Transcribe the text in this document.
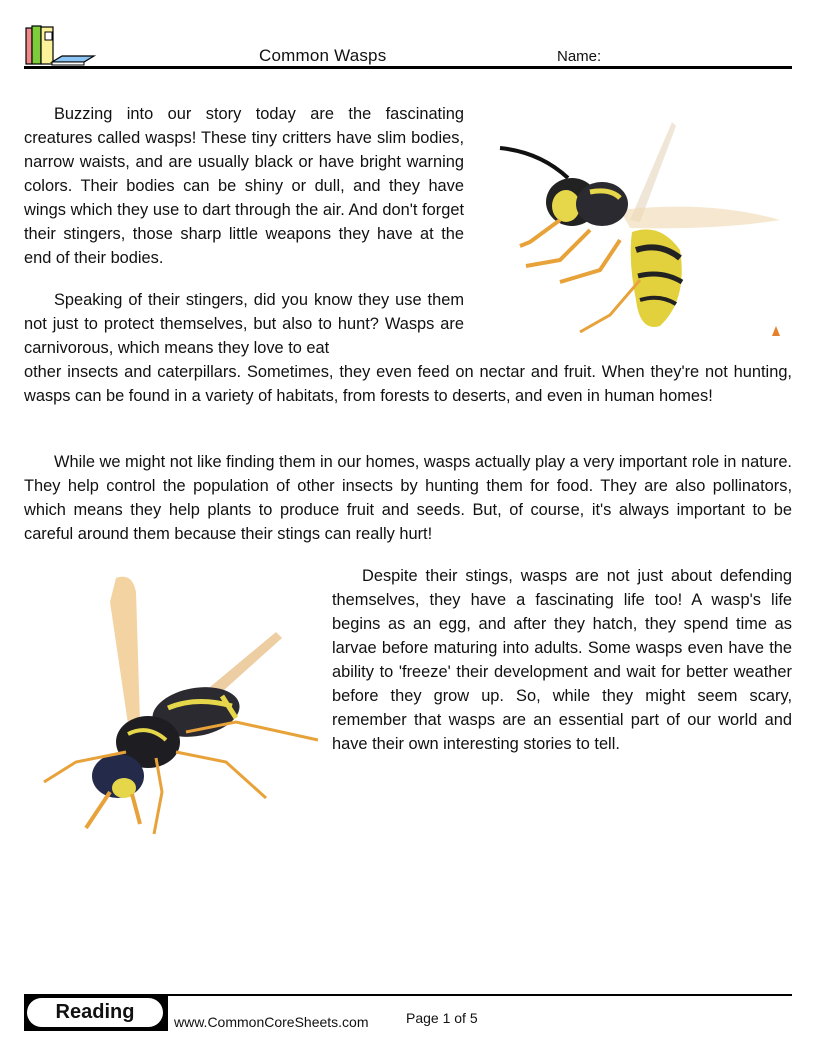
Common Wasps	Name:

Buzzing into our story today are the fascinating creatures called wasps! These tiny critters have slim bodies, narrow waists, and are usually black or have bright warning colors. Their bodies can be shiny or dull, and they have wings which they use to dart through the air. And don't forget their stingers, those sharp little weapons they have at the end of their bodies.

Speaking of their stingers, did you know they use them not just to protect themselves, but also to hunt? Wasps are carnivorous, which means they love to eat

other insects and caterpillars. Sometimes, they even feed on nectar and fruit. When they're not hunting, wasps can be found in a variety of habitats, from forests to deserts, and even in human homes!

While we might not like finding them in our homes, wasps actually play a very important role in nature. They help control the population of other insects by hunting them for food. They are also pollinators, which means they help plants to produce fruit and seeds. But, of course, it's always important to be careful around them because their stings can really hurt!

Despite their stings, wasps are not just about defending themselves, they have a fascinating life too! A wasp's life begins as an egg, and after they hatch, they spend time as larvae before maturing into adults. Some wasps even have the ability to 'freeze' their development and wait for better weather before they grow up. So, while they might seem scary, remember that wasps are an essential part of our world and have their own interesting stories to tell.

Reading	www.CommonCoreSheets.com	Page 1 of 5
